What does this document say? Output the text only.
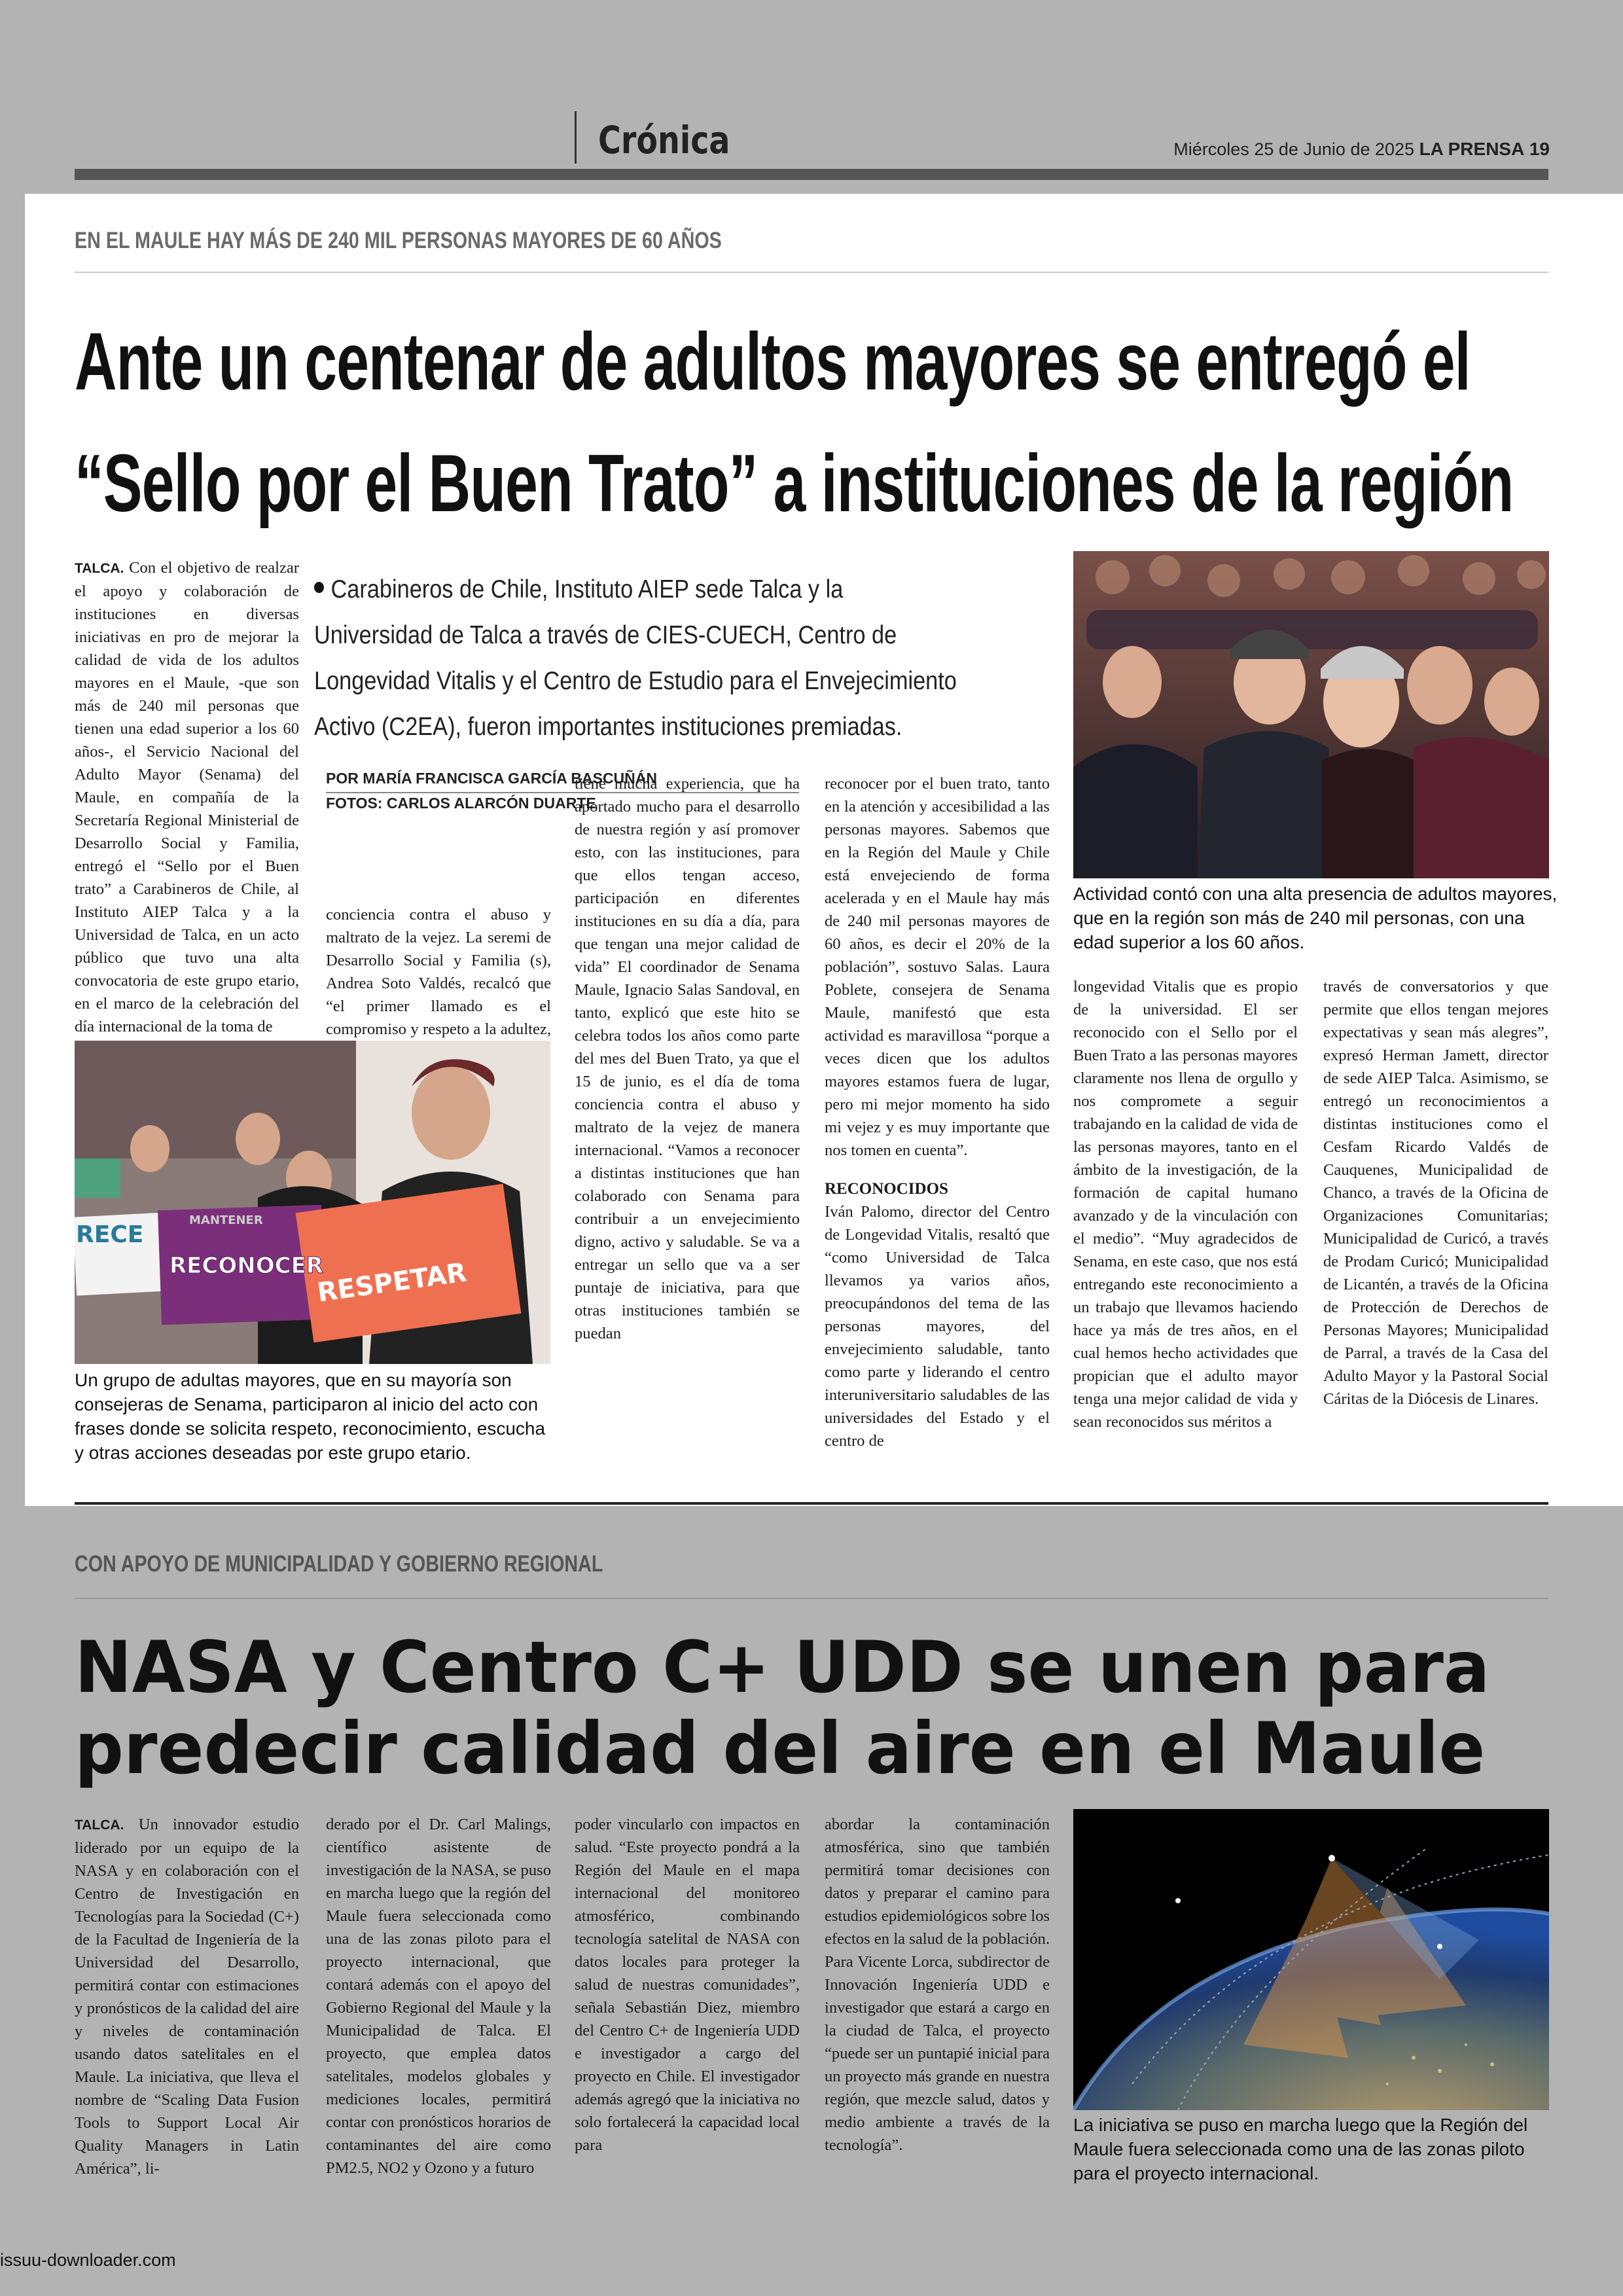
Crónica	Miércoles 25 de Junio de 2025 LA PRENSA 19
EN EL MAULE HAY MÁS DE 240 MIL PERSONAS MAYORES DE 60 AÑOS
Ante un centenar de adultos mayores se entregó el
“Sello por el Buen Trato” a instituciones de la región

TALCA. Con el objetivo de realzar el apoyo y colaboración de instituciones en diversas iniciativas en pro de mejorar la calidad de vida de los adultos mayores en el Maule, -que son más de 240 mil personas que tienen una edad superior a los 60 años-, el Servicio Nacional del Adulto Mayor (Senama) del Maule, en compañía de la Secretaría Regional Ministerial de Desarrollo Social y Familia, entregó el “Sello por el Buen trato” a Carabineros de Chile, al Instituto AIEP Talca y a la Universidad de Talca, en un acto público que tuvo una alta convocatoria de este grupo etario, en el marco de la celebración del día internacional de la toma de

Carabineros de Chile, Instituto AIEP sede Talca y la Universidad de Talca a través de CIES-CUECH, Centro de Longevidad Vitalis y el Centro de Estudio para el Envejecimiento Activo (C2EA), fueron importantes instituciones premiadas.
POR MARÍA FRANCISCA GARCÍA BASCUÑÁN
FOTOS: CARLOS ALARCÓN DUARTE

conciencia contra el abuso y maltrato de la vejez. La seremi de Desarrollo Social y Familia (s), Andrea Soto Valdés, recalcó que “el primer llamado es el compromiso y respeto a la adultez,

tiene mucha experiencia, que ha aportado mucho para el desarrollo de nuestra región y así promover esto, con las instituciones, para que ellos tengan acceso, participación en diferentes instituciones en su día a día, para que tengan una mejor calidad de vida” El coordinador de Senama Maule, Ignacio Salas Sandoval, en tanto, explicó que este hito se celebra todos los años como parte del mes del Buen Trato, ya que el 15 de junio, es el día de toma conciencia contra el abuso y maltrato de la vejez de manera internacional. “Vamos a reconocer a distintas instituciones que han colaborado con Senama para contribuir a un envejecimiento digno, activo y saludable. Se va a entregar un sello que va a ser puntaje de iniciativa, para que otras instituciones también se puedan

reconocer por el buen trato, tanto en la atención y accesibilidad a las personas mayores. Sabemos que en la Región del Maule y Chile está envejeciendo de forma acelerada y en el Maule hay más de 240 mil personas mayores de 60 años, es decir el 20% de la población”, sostuvo Salas. Laura Poblete, consejera de Senama Maule, manifestó que esta actividad es maravillosa “porque a veces dicen que los adultos mayores estamos fuera de lugar, pero mi mejor momento ha sido mi vejez y es muy importante que nos tomen en cuenta”.

RECONOCIDOS

Iván Palomo, director del Centro de Longevidad Vitalis, resaltó que “como Universidad de Talca llevamos ya varios años, preocupándonos del tema de las personas mayores, del envejecimiento saludable, tanto como parte y liderando el centro interuniversitario saludables de las universidades del Estado y el centro de

Actividad contó con una alta presencia de adultos mayores, que en la región son más de 240 mil personas, con una edad superior a los 60 años.
RECE
RECONOCER
RESPETAR
MANTENER
Un grupo de adultas mayores, que en su mayoría son consejeras de Senama, participaron al inicio del acto con frases donde se solicita respeto, reconocimiento, escucha y otras acciones deseadas por este grupo etario.

longevidad Vitalis que es propio de la universidad. El ser reconocido con el Sello por el Buen Trato a las personas mayores claramente nos llena de orgullo y nos compromete a seguir trabajando en la calidad de vida de las personas mayores, tanto en el ámbito de la investigación, de la formación de capital humano avanzado y de la vinculación con el medio”. “Muy agradecidos de Senama, en este caso, que nos está entregando este reconocimiento a un trabajo que llevamos haciendo hace ya más de tres años, en el cual hemos hecho actividades que propician que el adulto mayor tenga una mejor calidad de vida y sean reconocidos sus méritos a

través de conversatorios y que permite que ellos tengan mejores expectativas y sean más alegres”, expresó Herman Jamett, director de sede AIEP Talca. Asimismo, se entregó un reconocimientos a distintas instituciones como el Cesfam Ricardo Valdés de Cauquenes, Municipalidad de Chanco, a través de la Oficina de Organizaciones Comunitarias; Municipalidad de Curicó, a través de Prodam Curicó; Municipalidad de Licantén, a través de la Oficina de Protección de Derechos de Personas Mayores; Municipalidad de Parral, a través de la Casa del Adulto Mayor y la Pastoral Social Cáritas de la Diócesis de Linares.

CON APOYO DE MUNICIPALIDAD Y GOBIERNO REGIONAL
NASA y Centro C+ UDD se unen para
predecir calidad del aire en el Maule

TALCA. Un innovador estudio liderado por un equipo de la NASA y en colaboración con el Centro de Investigación en Tecnologías para la Sociedad (C+) de la Facultad de Ingeniería de la Universidad del Desarrollo, permitirá contar con estimaciones y pronósticos de la calidad del aire y niveles de contaminación usando datos satelitales en el Maule. La iniciativa, que lleva el nombre de “Scaling Data Fusion Tools to Support Local Air Quality Managers in Latin América”, li-

derado por el Dr. Carl Malings, científico asistente de investigación de la NASA, se puso en marcha luego que la región del Maule fuera seleccionada como una de las zonas piloto para el proyecto internacional, que contará además con el apoyo del Gobierno Regional del Maule y la Municipalidad de Talca. El proyecto, que emplea datos satelitales, modelos globales y mediciones locales, permitirá contar con pronósticos horarios de contaminantes del aire como PM2.5, NO2 y Ozono y a futuro

poder vincularlo con impactos en salud. “Este proyecto pondrá a la Región del Maule en el mapa internacional del monitoreo atmosférico, combinando tecnología satelital de NASA con datos locales para proteger la salud de nuestras comunidades”, señala Sebastián Diez, miembro del Centro C+ de Ingeniería UDD e investigador a cargo del proyecto en Chile. El investigador además agregó que la iniciativa no solo fortalecerá la capacidad local para

abordar la contaminación atmosférica, sino que también permitirá tomar decisiones con datos y preparar el camino para estudios epidemiológicos sobre los efectos en la salud de la población. Para Vicente Lorca, subdirector de Innovación Ingeniería UDD e investigador que estará a cargo en la ciudad de Talca, el proyecto “puede ser un puntapié inicial para un proyecto más grande en nuestra región, que mezcle salud, datos y medio ambiente a través de la tecnología”.

La iniciativa se puso en marcha luego que la Región del Maule fuera seleccionada como una de las zonas piloto para el proyecto internacional.
issuu-downloader.com
